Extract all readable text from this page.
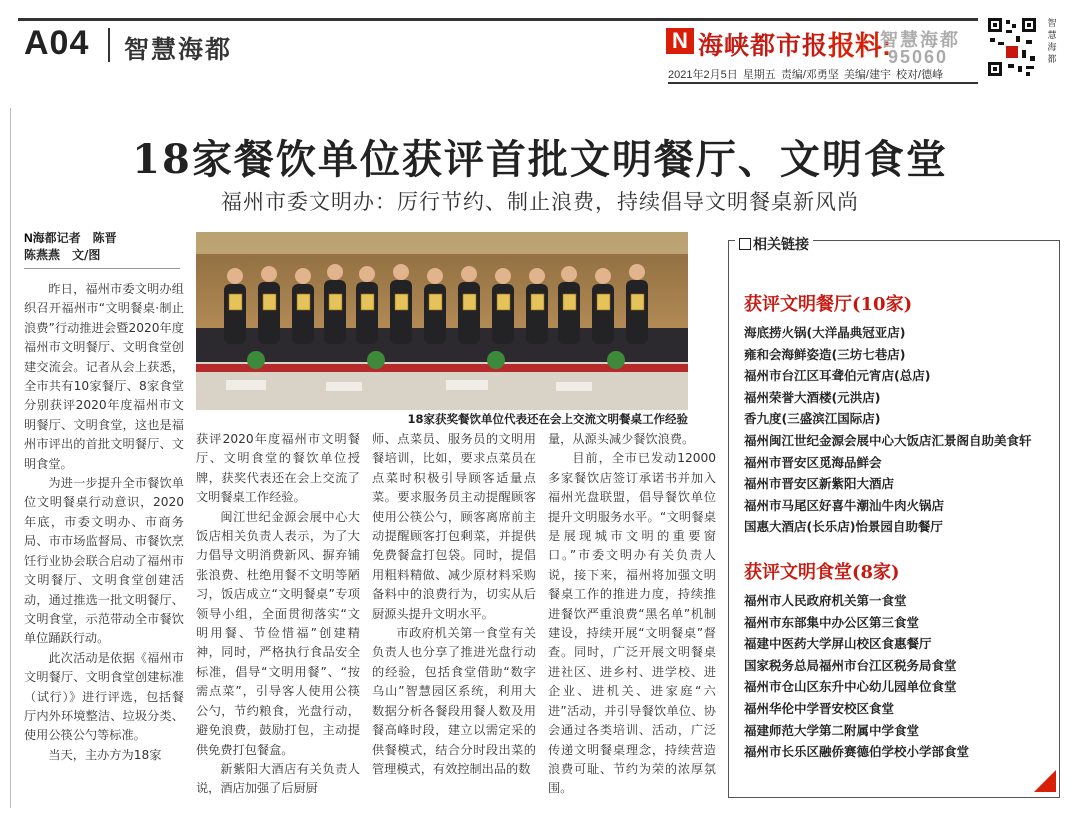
A04 智慧海都	N 海峡都市报 报料:
智慧海都
95060
2021年2月5日 星期五 责编/邓勇坚 美编/建宇 校对/德峰
智慧海都
18家餐饮单位获评首批文明餐厅、文明食堂
福州市委文明办：厉行节约、制止浪费，持续倡导文明餐桌新风尚
N海都记者　陈晋
陈燕燕　文/图

昨日，福州市委文明办组织召开福州市“文明餐桌·制止浪费”行动推进会暨2020年度福州市文明餐厅、文明食堂创建交流会。记者从会上获悉，全市共有10家餐厅、8家食堂分别获评2020年度福州市文明餐厅、文明食堂，这也是福州市评出的首批文明餐厅、文明食堂。

为进一步提升全市餐饮单位文明餐桌行动意识，2020年底，市委文明办、市商务局、市市场监督局、市餐饮烹饪行业协会联合启动了福州市文明餐厅、文明食堂创建活动，通过推选一批文明餐厅、文明食堂，示范带动全市餐饮单位踊跃行动。

此次活动是依据《福州市文明餐厅、文明食堂创建标准（试行）》进行评选，包括餐厅内外环境整洁、垃圾分类、使用公筷公勺等标准。

当天，主办方为18家

18家获奖餐饮单位代表还在会上交流文明餐桌工作经验

获评2020年度福州市文明餐厅、文明食堂的餐饮单位授牌，获奖代表还在会上交流了文明餐桌工作经验。

闽江世纪金源会展中心大饭店相关负责人表示，为了大力倡导文明消费新风、摒弃铺张浪费、杜绝用餐不文明等陋习，饭店成立“文明餐桌”专项领导小组，全面贯彻落实“文明用餐、节俭惜福”创建精神，同时，严格执行食品安全标准，倡导“文明用餐”、“按需点菜”，引导客人使用公筷公勺，节约粮食，光盘行动，避免浪费，鼓励打包，主动提供免费打包餐盒。

新紫阳大酒店有关负责人说，酒店加强了后厨厨

师、点菜员、服务员的文明用餐培训，比如，要求点菜员在点菜时积极引导顾客适量点菜。要求服务员主动提醒顾客使用公筷公勺，顾客离席前主动提醒顾客打包剩菜，并提供免费餐盒打包袋。同时，提倡用粗料精做、减少原材料采购备料中的浪费行为，切实从后厨源头提升文明水平。

市政府机关第一食堂有关负责人也分享了推进光盘行动的经验，包括食堂借助“数字乌山”智慧园区系统，利用大数据分析各餐段用餐人数及用餐高峰时段，建立以需定采的供餐模式，结合分时段出菜的管理模式，有效控制出品的数

量，从源头减少餐饮浪费。

目前，全市已发动12000多家餐饮店签订承诺书并加入福州光盘联盟，倡导餐饮单位提升文明服务水平。“文明餐桌是展现城市文明的重要窗口。”市委文明办有关负责人说，接下来，福州将加强文明餐桌工作的推进力度，持续推进餐饮严重浪费“黑名单”机制建设，持续开展“文明餐桌”督查。同时，广泛开展文明餐桌进社区、进乡村、进学校、进企业、进机关、进家庭“六进”活动，并引导餐饮单位、协会通过各类培训、活动，广泛传递文明餐桌理念，持续营造浪费可耻、节约为荣的浓厚氛围。

相关链接
获评文明餐厅(10家)
海底捞火锅(大洋晶典冠亚店)
雍和会海鲜姿造(三坊七巷店)
福州市台江区耳聋伯元宵店(总店)
福州荣誉大酒楼(元洪店)
香九度(三盛滨江国际店)
福州闽江世纪金源会展中心大饭店汇景阁自助美食轩
福州市晋安区觅海品鲜会
福州市晋安区新紫阳大酒店
福州市马尾区好喜牛潮汕牛肉火锅店
国惠大酒店(长乐店)怡景园自助餐厅
获评文明食堂(8家)
福州市人民政府机关第一食堂
福州市东部集中办公区第三食堂
福建中医药大学屏山校区食惠餐厅
国家税务总局福州市台江区税务局食堂
福州市仓山区东升中心幼儿园单位食堂
福州华伦中学晋安校区食堂
福建师范大学第二附属中学食堂
福州市长乐区融侨赛德伯学校小学部食堂
